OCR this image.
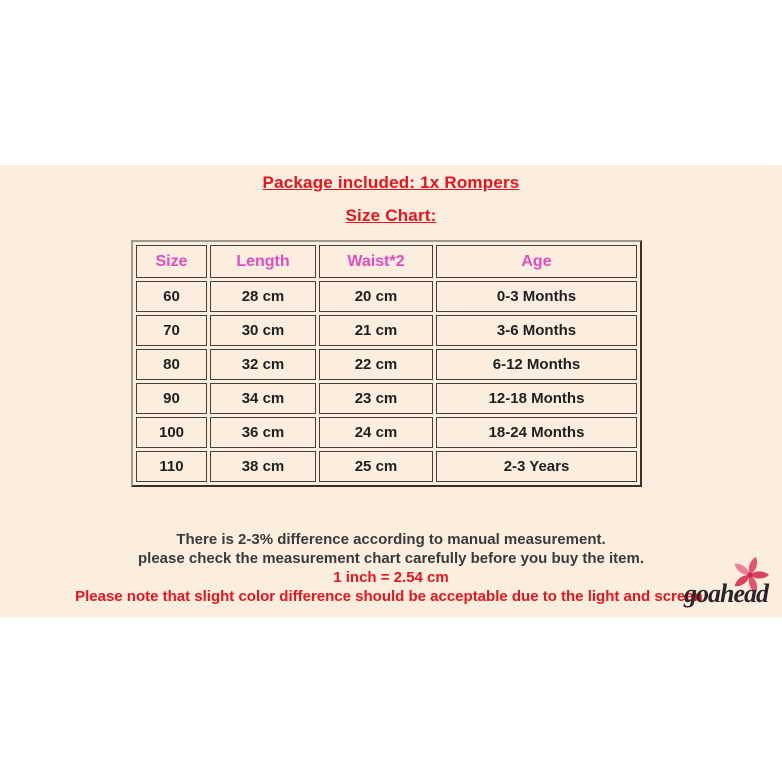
Package included: 1x Rompers
Size Chart:
Size	Length	Waist*2	Age
60	28 cm	20 cm	0-3 Months
70	30 cm	21 cm	3-6 Months
80	32 cm	22 cm	6-12 Months
90	34 cm	23 cm	12-18 Months
100	36 cm	24 cm	18-24 Months
110	38 cm	25 cm	2-3 Years
There is 2-3% difference according to manual measurement.
please check the measurement chart carefully before you buy the item.
1 inch = 2.54 cm
Please note that slight color difference should be acceptable due to the light and screen.
goahead
